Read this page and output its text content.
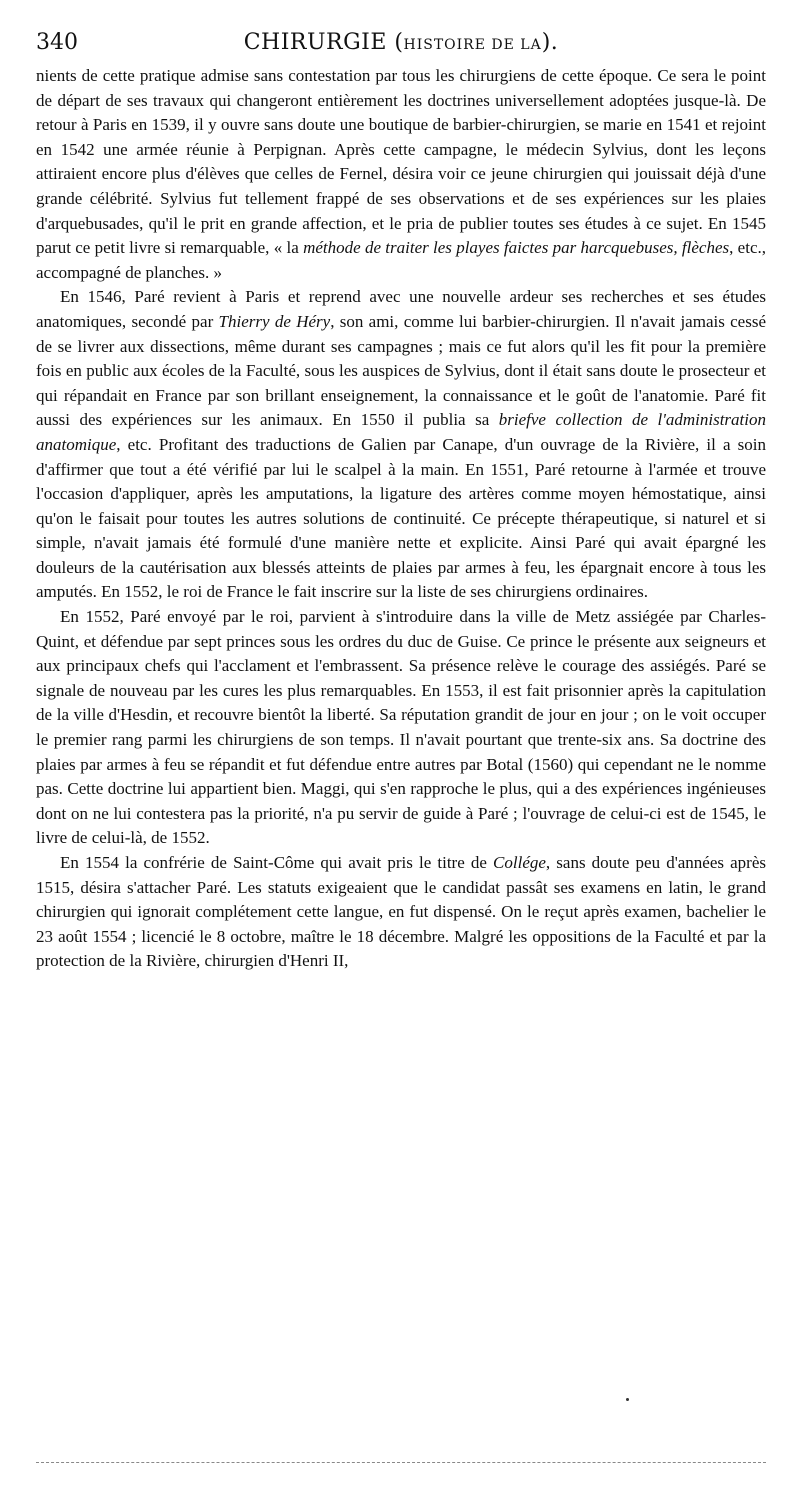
340	CHIRURGIE (HISTOIRE DE LA).

nients de cette pratique admise sans contestation par tous les chirurgiens de cette époque. Ce sera le point de départ de ses travaux qui changeront entièrement les doctrines universellement adoptées jusque-là. De retour à Paris en 1539, il y ouvre sans doute une boutique de barbier-chirurgien, se marie en 1541 et rejoint en 1542 une armée réunie à Perpignan. Après cette campagne, le médecin Sylvius, dont les leçons attiraient encore plus d'élèves que celles de Fernel, désira voir ce jeune chirurgien qui jouissait déjà d'une grande célébrité. Sylvius fut tellement frappé de ses observations et de ses expériences sur les plaies d'arquebusades, qu'il le prit en grande affection, et le pria de publier toutes ses études à ce sujet. En 1545 parut ce petit livre si remarquable, « la méthode de traiter les playes faictes par harcquebuses, flèches, etc., accompagné de planches. »

En 1546, Paré revient à Paris et reprend avec une nouvelle ardeur ses recherches et ses études anatomiques, secondé par Thierry de Héry, son ami, comme lui barbier-chirurgien. Il n'avait jamais cessé de se livrer aux dissections, même durant ses campagnes ; mais ce fut alors qu'il les fit pour la première fois en public aux écoles de la Faculté, sous les auspices de Sylvius, dont il était sans doute le prosecteur et qui répandait en France par son brillant enseignement, la connaissance et le goût de l'anatomie. Paré fit aussi des expériences sur les animaux. En 1550 il publia sa briefve collection de l'administration anatomique, etc. Profitant des traductions de Galien par Canape, d'un ouvrage de la Rivière, il a soin d'affirmer que tout a été vérifié par lui le scalpel à la main. En 1551, Paré retourne à l'armée et trouve l'occasion d'appliquer, après les amputations, la ligature des artères comme moyen hémostatique, ainsi qu'on le faisait pour toutes les autres solutions de continuité. Ce précepte thérapeutique, si naturel et si simple, n'avait jamais été formulé d'une manière nette et explicite. Ainsi Paré qui avait épargné les douleurs de la cautérisation aux blessés atteints de plaies par armes à feu, les épargnait encore à tous les amputés. En 1552, le roi de France le fait inscrire sur la liste de ses chirurgiens ordinaires.

En 1552, Paré envoyé par le roi, parvient à s'introduire dans la ville de Metz assiégée par Charles-Quint, et défendue par sept princes sous les ordres du duc de Guise. Ce prince le présente aux seigneurs et aux principaux chefs qui l'acclament et l'embrassent. Sa présence relève le courage des assiégés. Paré se signale de nouveau par les cures les plus remarquables. En 1553, il est fait prisonnier après la capitulation de la ville d'Hesdin, et recouvre bientôt la liberté. Sa réputation grandit de jour en jour ; on le voit occuper le premier rang parmi les chirurgiens de son temps. Il n'avait pourtant que trente-six ans. Sa doctrine des plaies par armes à feu se répandit et fut défendue entre autres par Botal (1560) qui cependant ne le nomme pas. Cette doctrine lui appartient bien. Maggi, qui s'en rapproche le plus, qui a des expériences ingénieuses dont on ne lui contestera pas la priorité, n'a pu servir de guide à Paré ; l'ouvrage de celui-ci est de 1545, le livre de celui-là, de 1552.

En 1554 la confrérie de Saint-Côme qui avait pris le titre de Collége, sans doute peu d'années après 1515, désira s'attacher Paré. Les statuts exigeaient que le candidat passât ses examens en latin, le grand chirurgien qui ignorait complétement cette langue, en fut dispensé. On le reçut après examen, bachelier le 23 août 1554 ; licencié le 8 octobre, maître le 18 décembre. Malgré les oppositions de la Faculté et par la protection de la Rivière, chirurgien d'Henri II,
